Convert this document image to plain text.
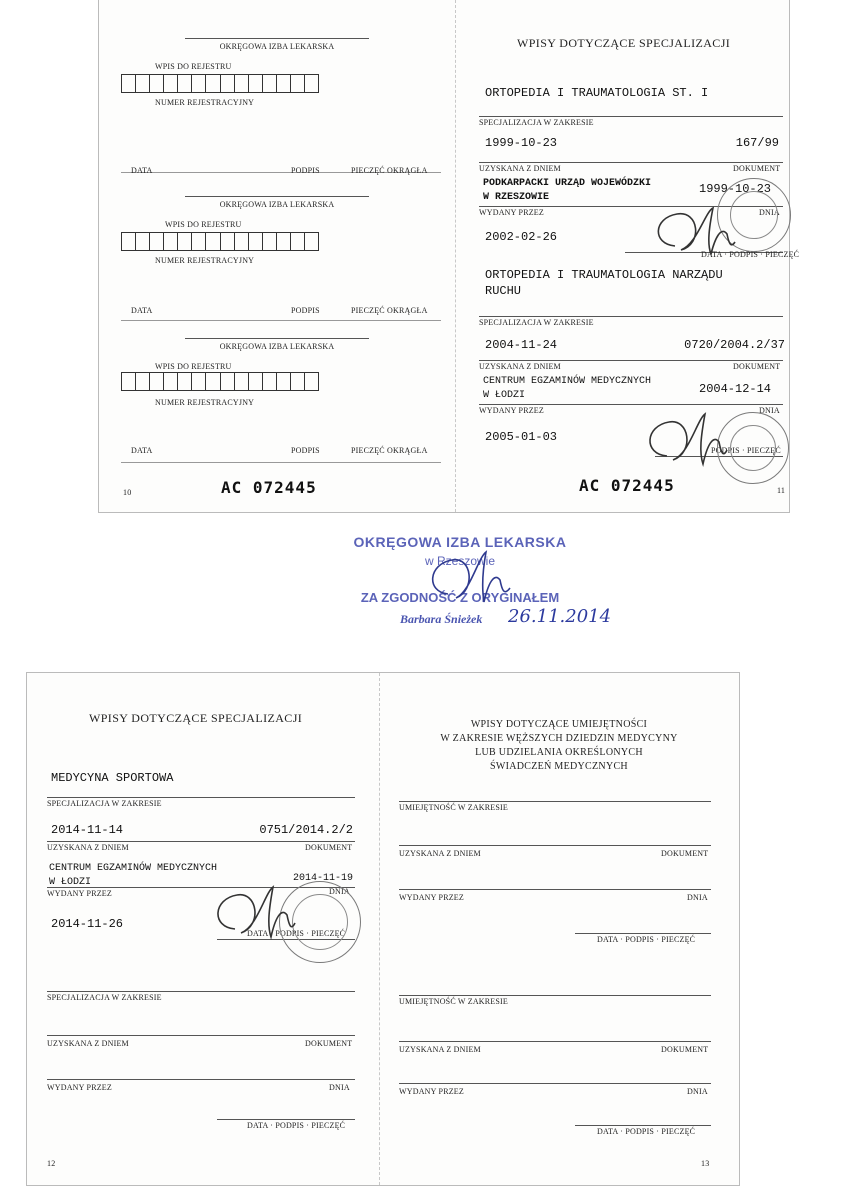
OKRĘGOWA IZBA LEKARSKA
WPIS DO REJESTRU
NUMER REJESTRACYJNY
DATA	PODPIS	PIECZĘĆ OKRĄGŁA
OKRĘGOWA IZBA LEKARSKA
WPIS DO REJESTRU
NUMER REJESTRACYJNY
DATA	PODPIS	PIECZĘĆ OKRĄGŁA
OKRĘGOWA IZBA LEKARSKA
WPIS DO REJESTRU
NUMER REJESTRACYJNY
DATA	PODPIS	PIECZĘĆ OKRĄGŁA
10	AC 072445
WPISY DOTYCZĄCE SPECJALIZACJI
ORTOPEDIA I TRAUMATOLOGIA ST. I
SPECJALIZACJA W ZAKRESIE
1999-10-23	167/99
UZYSKANA Z DNIEM	DOKUMENT
PODKARPACKI URZĄD WOJEWÓDZKI
W RZESZOWIE
1999-10-23
WYDANY PRZEZ	DNIA
2002-02-26
DATA · PODPIS · PIECZĘĆ
ORTOPEDIA I TRAUMATOLOGIA NARZĄDU
RUCHU
SPECJALIZACJA W ZAKRESIE
2004-11-24	0720/2004.2/37
UZYSKANA Z DNIEM	DOKUMENT
CENTRUM EGZAMINÓW MEDYCZNYCH
W ŁODZI	2004-12-14
WYDANY PRZEZ	DNIA
2005-01-03
PODPIS · PIECZĘĆ
AC 072445	11
OKRĘGOWA IZBA LEKARSKA
w Rzeszowie
ZA ZGODNOŚĆ Z ORYGINAŁEM
Barbara Śnieżek 26.11.2014
WPISY DOTYCZĄCE SPECJALIZACJI
MEDYCYNA SPORTOWA
SPECJALIZACJA W ZAKRESIE
2014-11-14	0751/2014.2/2
UZYSKANA Z DNIEM	DOKUMENT
CENTRUM EGZAMINÓW MEDYCZNYCH
W ŁODZI	2014-11-19
WYDANY PRZEZ	DNIA
2014-11-26
DATA · PODPIS · PIECZĘĆ
SPECJALIZACJA W ZAKRESIE
UZYSKANA Z DNIEM	DOKUMENT
WYDANY PRZEZ	DNIA
DATA · PODPIS · PIECZĘĆ
12
WPISY DOTYCZĄCE UMIEJĘTNOŚCI
W ZAKRESIE WĘŻSZYCH DZIEDZIN MEDYCYNY
LUB UDZIELANIA OKREŚLONYCH
ŚWIADCZEŃ MEDYCZNYCH
UMIEJĘTNOŚĆ W ZAKRESIE
UZYSKANA Z DNIEM	DOKUMENT
WYDANY PRZEZ	DNIA
DATA · PODPIS · PIECZĘĆ
UMIEJĘTNOŚĆ W ZAKRESIE
UZYSKANA Z DNIEM	DOKUMENT
WYDANY PRZEZ	DNIA
DATA · PODPIS · PIECZĘĆ
13
